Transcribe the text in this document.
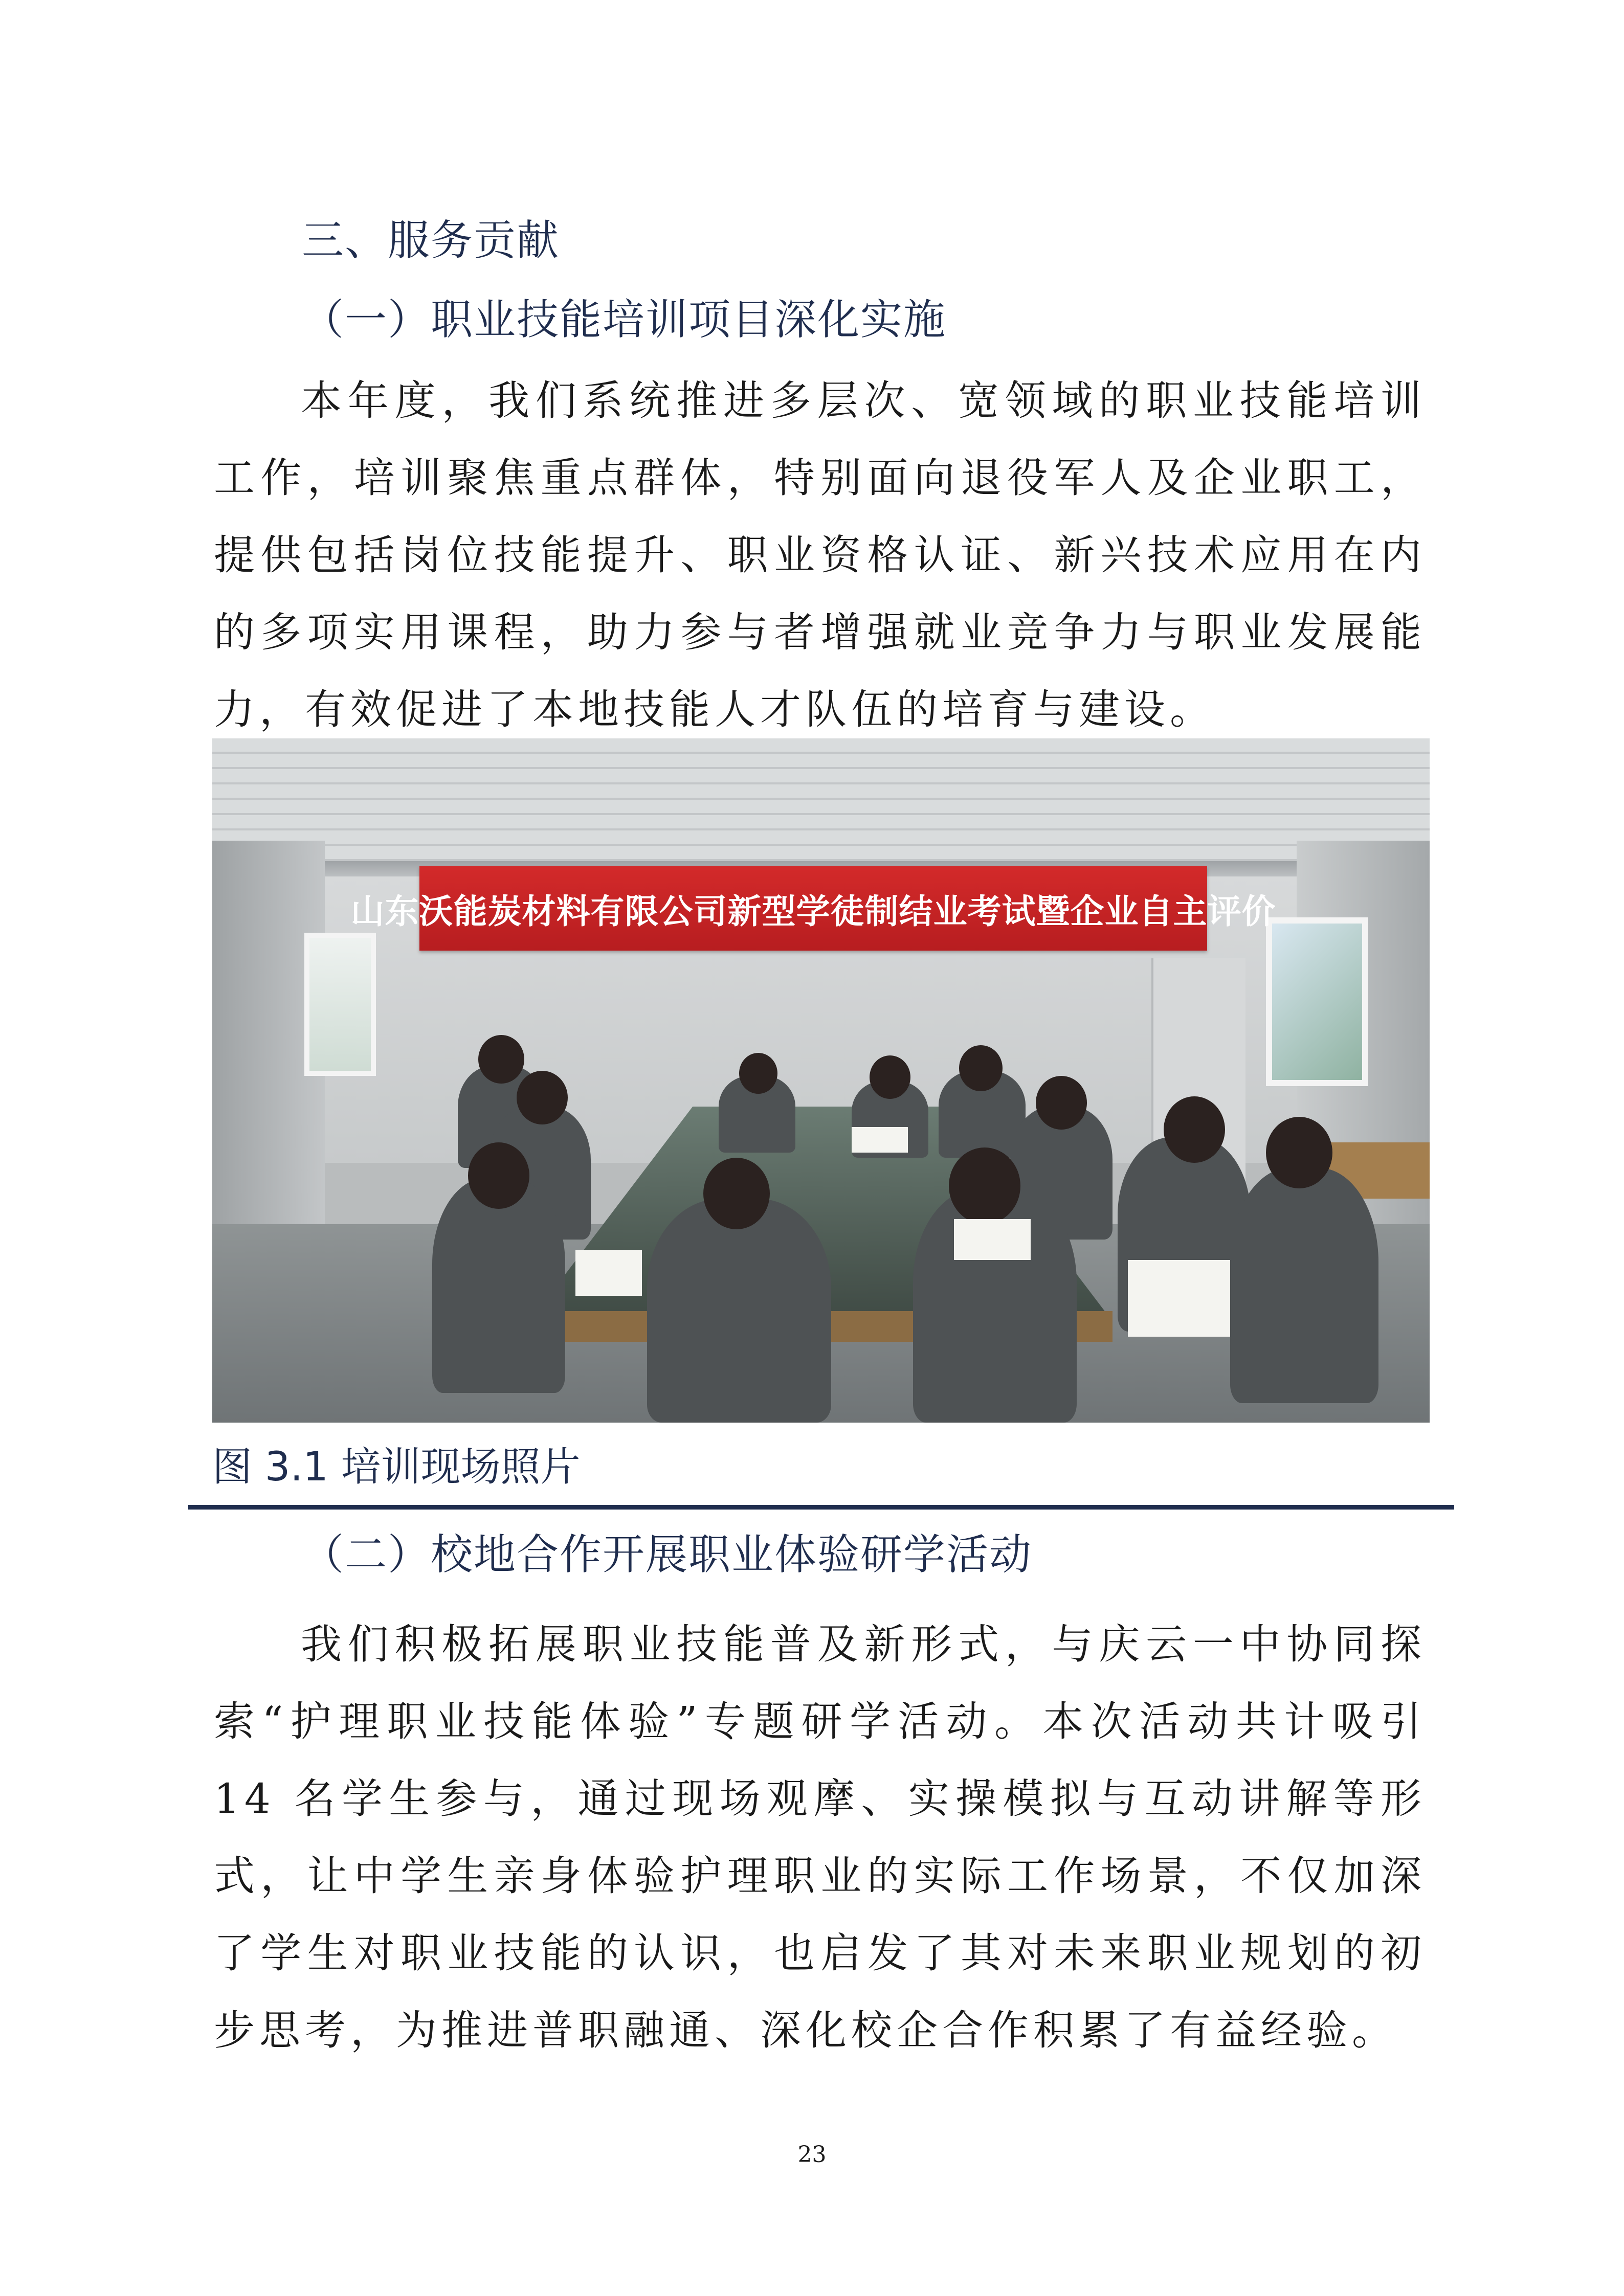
三、服务贡献
（一）职业技能培训项目深化实施

本年度，我们系统推进多层次、宽领域的职业技能培训工作，培训聚焦重点群体，特别面向退役军人及企业职工，提供包括岗位技能提升、职业资格认证、新兴技术应用在内的多项实用课程，助力参与者增强就业竞争力与职业发展能力，有效促进了本地技能人才队伍的培育与建设。

山东沃能炭材料有限公司新型学徒制结业考试暨企业自主评价
图 3.1 培训现场照片
（二）校地合作开展职业体验研学活动

我们积极拓展职业技能普及新形式，与庆云一中协同探索“护理职业技能体验”专题研学活动。本次活动共计吸引 14 名学生参与，通过现场观摩、实操模拟与互动讲解等形式，让中学生亲身体验护理职业的实际工作场景，不仅加深了学生对职业技能的认识，也启发了其对未来职业规划的初步思考，为推进普职融通、深化校企合作积累了有益经验。

23
